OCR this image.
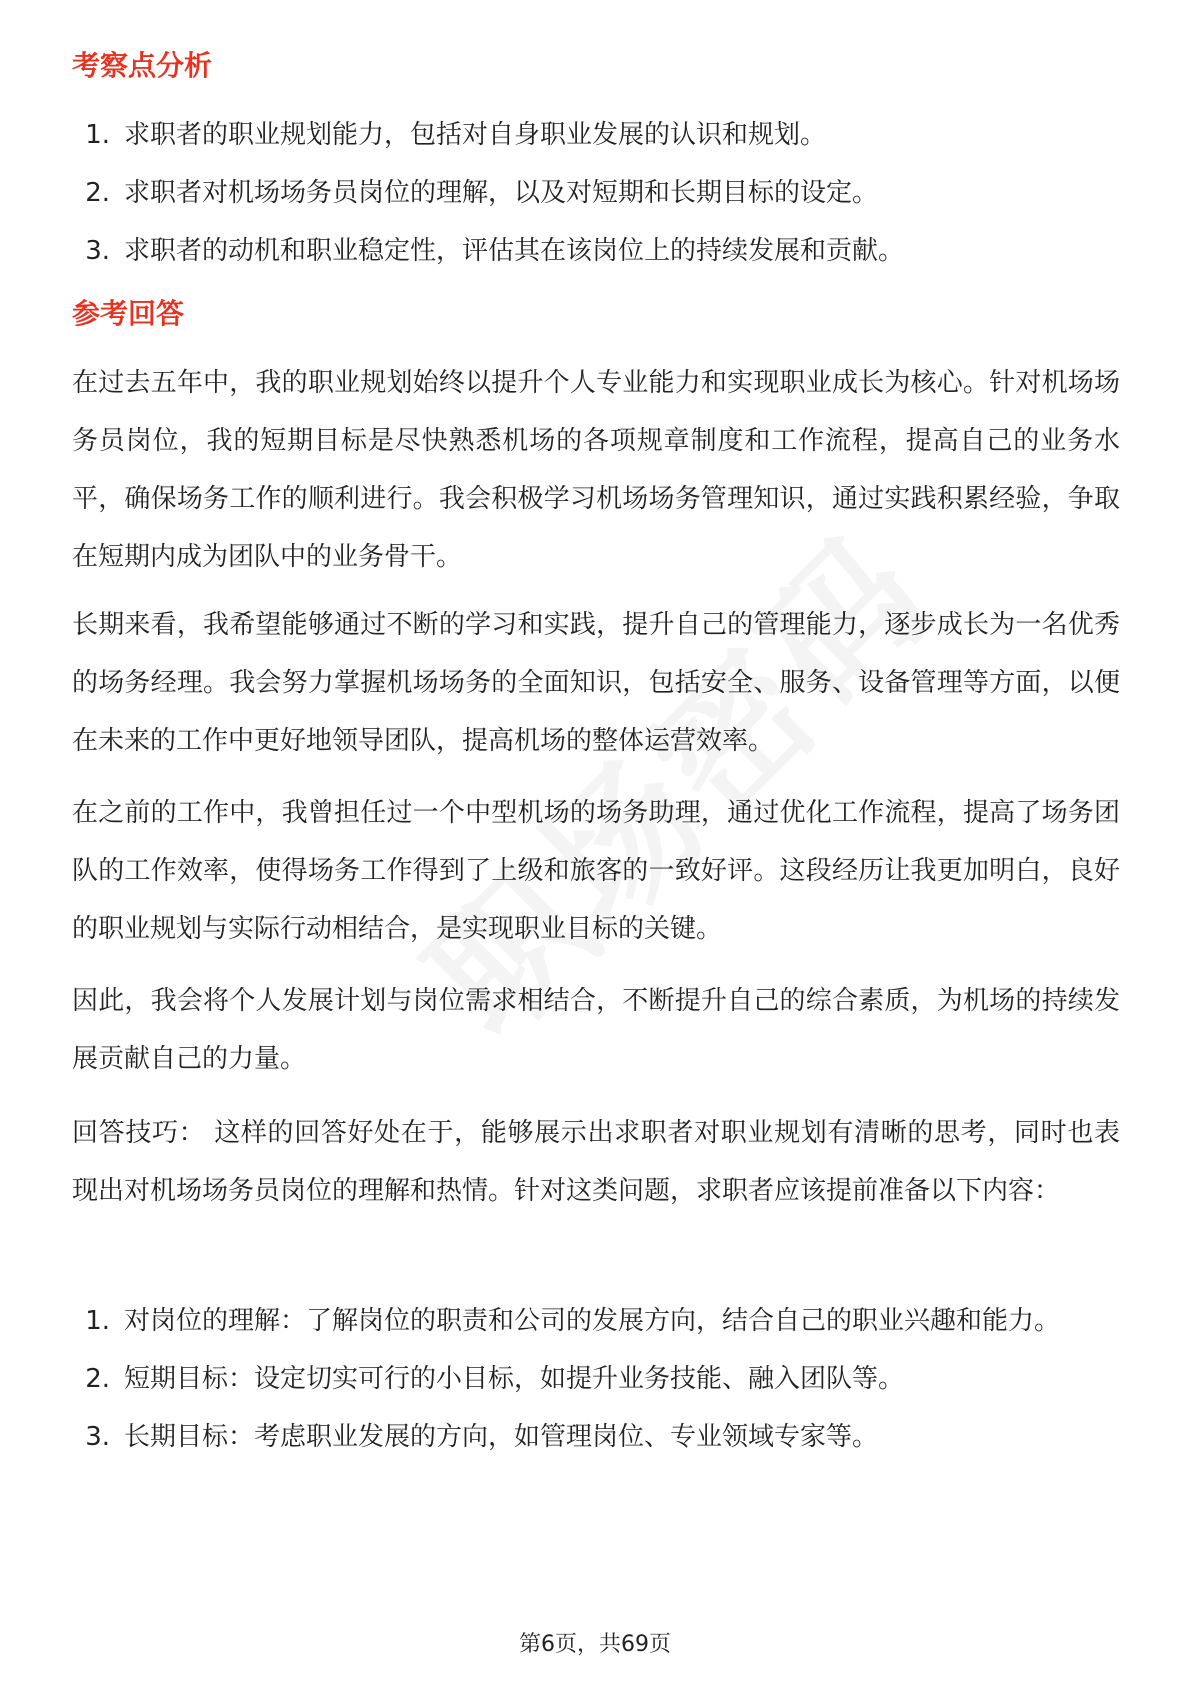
考察点分析
1. 求职者的职业规划能力，包括对自身职业发展的认识和规划。
2. 求职者对机场场务员岗位的理解，以及对短期和长期目标的设定。
3. 求职者的动机和职业稳定性，评估其在该岗位上的持续发展和贡献。
参考回答

在过去五年中，我的职业规划始终以提升个人专业能力和实现职业成长为核心。针对机场场务员岗位，我的短期目标是尽快熟悉机场的各项规章制度和工作流程，提高自己的业务水平，确保场务工作的顺利进行。我会积极学习机场场务管理知识，通过实践积累经验，争取在短期内成为团队中的业务骨干。

长期来看，我希望能够通过不断的学习和实践，提升自己的管理能力，逐步成长为一名优秀的场务经理。我会努力掌握机场场务的全面知识，包括安全、服务、设备管理等方面，以便在未来的工作中更好地领导团队，提高机场的整体运营效率。

在之前的工作中，我曾担任过一个中型机场的场务助理，通过优化工作流程，提高了场务团队的工作效率，使得场务工作得到了上级和旅客的一致好评。这段经历让我更加明白，良好的职业规划与实际行动相结合，是实现职业目标的关键。

因此，我会将个人发展计划与岗位需求相结合，不断提升自己的综合素质，为机场的持续发展贡献自己的力量。

回答技巧： 这样的回答好处在于，能够展示出求职者对职业规划有清晰的思考，同时也表现出对机场场务员岗位的理解和热情。针对这类问题，求职者应该提前准备以下内容：

1. 对岗位的理解：了解岗位的职责和公司的发展方向，结合自己的职业兴趣和能力。
2. 短期目标：设定切实可行的小目标，如提升业务技能、融入团队等。
3. 长期目标：考虑职业发展的方向，如管理岗位、专业领域专家等。

第6页，共69页
